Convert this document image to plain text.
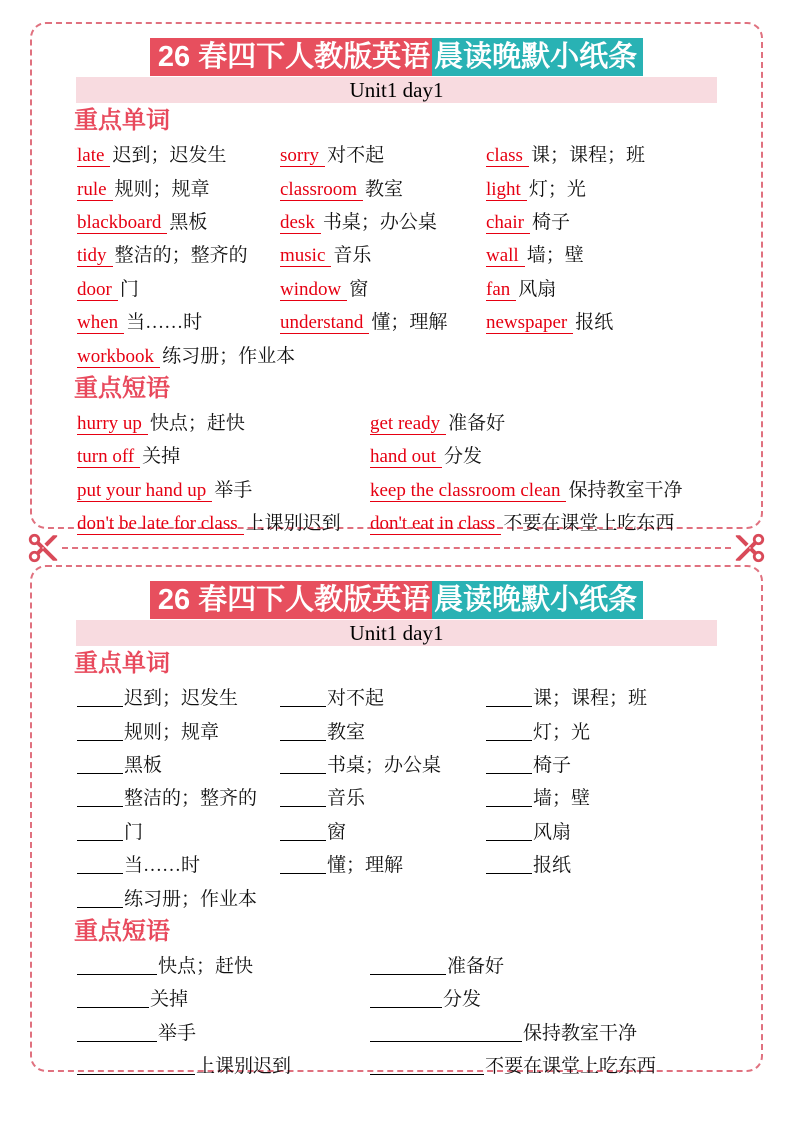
26 春四下人教版英语 晨读晚默小纸条
Unit1 day1
重点单词
late 迟到；迟发生	sorry 对不起	class 课；课程；班
rule 规则；规章	classroom 教室	light 灯；光
blackboard 黑板	desk 书桌；办公桌	chair 椅子
tidy 整洁的；整齐的	music 音乐	wall 墙；壁
door 门	window 窗	fan 风扇
when 当……时	understand 懂；理解	newspaper 报纸
workbook 练习册；作业本
重点短语
hurry up 快点；赶快	get ready 准备好
turn off 关掉	hand out 分发
put your hand up 举手	keep the classroom clean 保持教室干净
don't be late for class 上课别迟到	don't eat in class 不要在课堂上吃东西
26 春四下人教版英语 晨读晚默小纸条
Unit1 day1
重点单词
迟到；迟发生	对不起	课；课程；班
规则；规章	教室	灯；光
黑板	书桌；办公桌	椅子
整洁的；整齐的	音乐	墙；壁
门	窗	风扇
当……时	懂；理解	报纸
练习册；作业本
重点短语
快点；赶快	准备好
关掉	分发
举手	保持教室干净
上课别迟到	不要在课堂上吃东西
